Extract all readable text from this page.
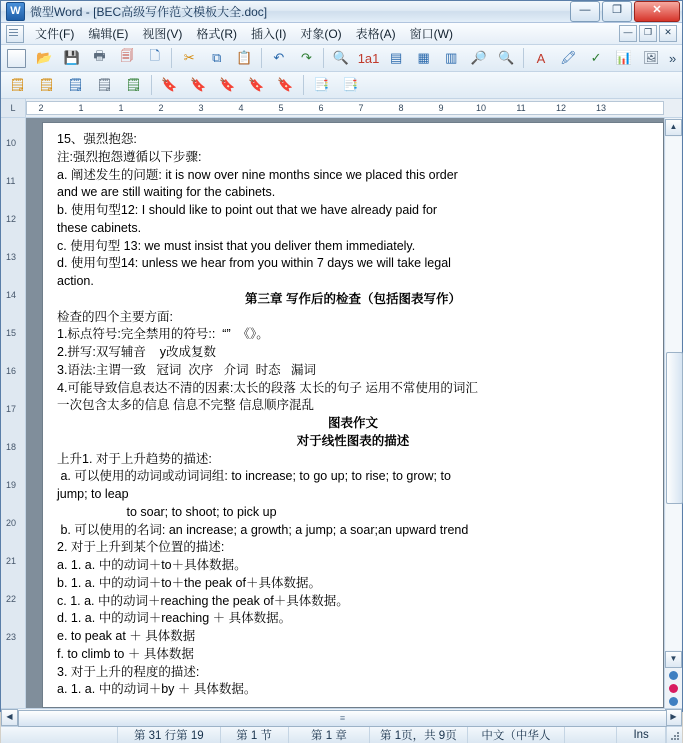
W 微型Word - [BEC高级写作范文模板大全.doc]	—	❐	✕
文件(F)	编辑(E)	视图(V)	格式(R)	插入(I)	对象(O)	表格(A)	窗口(W)	—	❐	✕
📂 💾	🖶	🗐	🗋	✂	⧉	📋	↶	↷	🔍 1a1 ▤	▦	▥	🔎 🔍	A	🖍	✓	📊 🖼 »
🗒 🗒 🗒 🗒 🗒	🔖 🔖 🔖 🔖 🔖	📑 📑
L	2	1	1	2	3	4	5	6	7	8	9	10	11	12	13
10
11
12
13
14
15
16
17
18
19
20
21
22
23

15、强烈抱怨:

注:强烈抱怨遵循以下步骤:

a. 阐述发生的问题: it is now over nine months since we placed this order

and we are still waiting for the cabinets.

b. 使用句型12: I should like to point out that we have already paid for

these cabinets.

c. 使用句型 13: we must insist that you deliver them immediately.

d. 使用句型14: unless we hear from you within 7 days we will take legal

action.

第三章 写作后的检查（包括图表写作）

检查的四个主要方面:

1.标点符号:完全禁用的符号::  “”  《》。

2.拼写:双写辅音    y改成复数

3.语法:主谓一致   冠词  次序   介词  时态   漏词

4.可能导致信息表达不清的因素:太长的段落 太长的句子 运用不常使用的词汇

一次包含太多的信息 信息不完整 信息顺序混乱

图表作文

对于线性图表的描述

上升1. 对于上升趋势的描述:

a. 可以使用的动词或动词词组: to increase; to go up; to rise; to grow; to

jump; to leap

to soar; to shoot; to pick up

b. 可以使用的名词: an increase; a growth; a jump; a soar;an upward trend

2. 对于上升到某个位置的描述:

a. 1. a. 中的动词＋to＋具体数据。

b. 1. a. 中的动词＋to＋the peak of＋具体数据。

c. 1. a. 中的动词＋reaching the peak of＋具体数据。

d. 1. a. 中的动词＋reaching ＋ 具体数据。

e. to peak at ＋ 具体数据

f. to climb to ＋ 具体数据

3. 对于上升的程度的描述:

a. 1. a. 中的动词＋by ＋ 具体数据。

▲
▼
◀	≡	▶
第 31 行第 19	第 1 节	第 1 章	第 1页，共 9页	中文（中华人	Ins
